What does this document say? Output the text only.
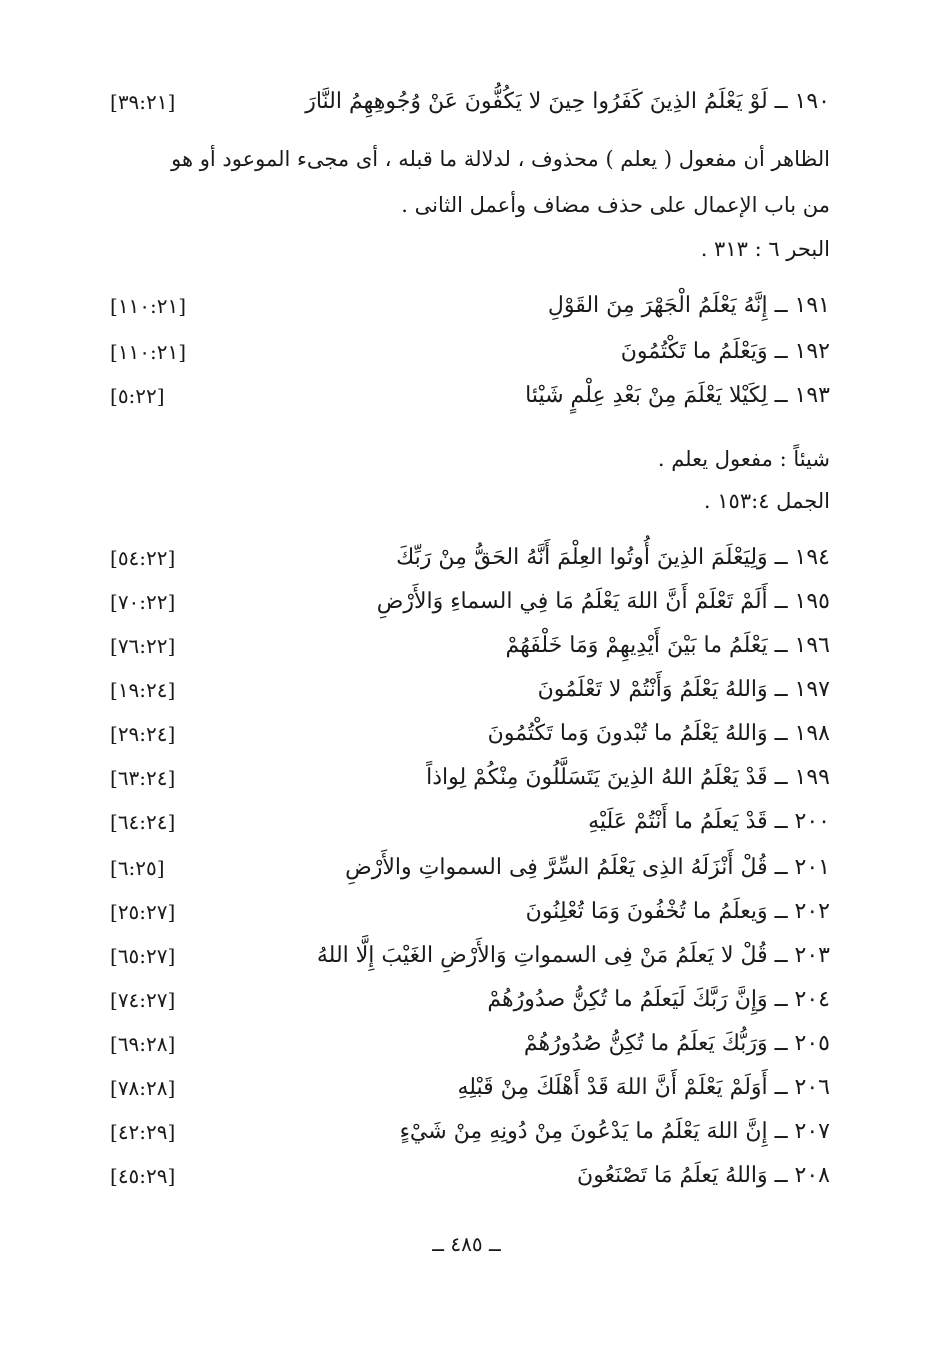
١٩٠ ــ لَوْ يَعْلَمُ الذِينَ كَفَرُوا حِينَ لا يَكُفُّونَ عَنْ وُجُوهِهِمُ النَّارَ
[٣٩:٢١]

الظاهر أن مفعول ( يعلم ) محذوف ، لدلالة ما قبله ، أى مجىء الموعود أو هو

من باب الإعمال على حذف مضاف وأعمل الثانى .

البحر ٦ : ٣١٣ .

١٩١ ــ إِنَّهُ يَعْلَمُ الْجَهْرَ مِنَ القَوْلِ
[١١٠:٢١]
١٩٢ ــ وَيَعْلَمُ ما تَكْتُمُونَ
[١١٠:٢١]
١٩٣ ــ لِكَيْلا يَعْلَمَ مِنْ بَعْدِ عِلْمٍ شَيْئا
[٥:٢٢]

شيئاً : مفعول يعلم .

الجمل ٣:٤‏١٥ .

١٩٤ ــ وَلِيَعْلَمَ الذِينَ أُوتُوا العِلْمَ أَنَّهُ الحَقُّ مِنْ رَبِّكَ
[٥٤:٢٢]
١٩٥ ــ أَلَمْ تَعْلَمْ أَنَّ اللهَ يَعْلَمُ مَا فِي السماءِ وَالأَرْضِ
[٧٠:٢٢]
١٩٦ ــ يَعْلَمُ ما بَيْنَ أَيْدِيهِمْ وَمَا خَلْفَهُمْ
[٧٦:٢٢]
١٩٧ ــ وَاللهُ يَعْلَمُ وَأَنْتُمْ لا تَعْلَمُونَ
[١٩:٢٤]
١٩٨ ــ وَاللهُ يَعْلَمُ ما تُبْدونَ وَما تَكْتُمُونَ
[٢٩:٢٤]
١٩٩ ــ قَدْ يَعْلَمُ اللهُ الذِينَ يَتَسَلَّلُونَ مِنْكُمْ لِواذاً
[٦٣:٢٤]
٢٠٠ ــ قَدْ يَعلَمُ ما أَنْتُمْ عَلَيْهِ
[٦٤:٢٤]
٢٠١ ــ قُلْ أَنْزَلَهُ الذِى يَعْلَمُ السِّرَّ فِى السمواتِ والأَرْضِ
[٦:٢٥]
٢٠٢ ــ وَيعلَمُ ما تُخْفُونَ وَمَا تُعْلِنُونَ
[٢٥:٢٧]
٢٠٣ ــ قُلْ لا يَعلَمُ مَنْ فِى السمواتِ وَالأَرْضِ الغَيْبَ إِلَّا اللهُ
[٦٥:٢٧]
٢٠٤ ــ وَإِنَّ رَبَّكَ لَيَعلَمُ ما تُكِنُّ صدُورُهُمْ
[٧٤:٢٧]
٢٠٥ ــ وَرَبُّكَ يَعلَمُ ما تُكِنُّ صُدُورُهُمْ
[٦٩:٢٨]
٢٠٦ ــ أَوَلَمْ يَعْلَمْ أَنَّ اللهَ قَدْ أَهْلَكَ مِنْ قَبْلِهِ
[٧٨:٢٨]
٢٠٧ ــ إِنَّ اللهَ يَعْلَمُ ما يَدْعُونَ مِنْ دُونِهِ مِنْ شَيْءٍ
[٤٢:٢٩]
٢٠٨ ــ وَاللهُ يَعلَمُ مَا تَصْنَعُونَ
[٤٥:٢٩]
ــ ٤٨٥ ــ
